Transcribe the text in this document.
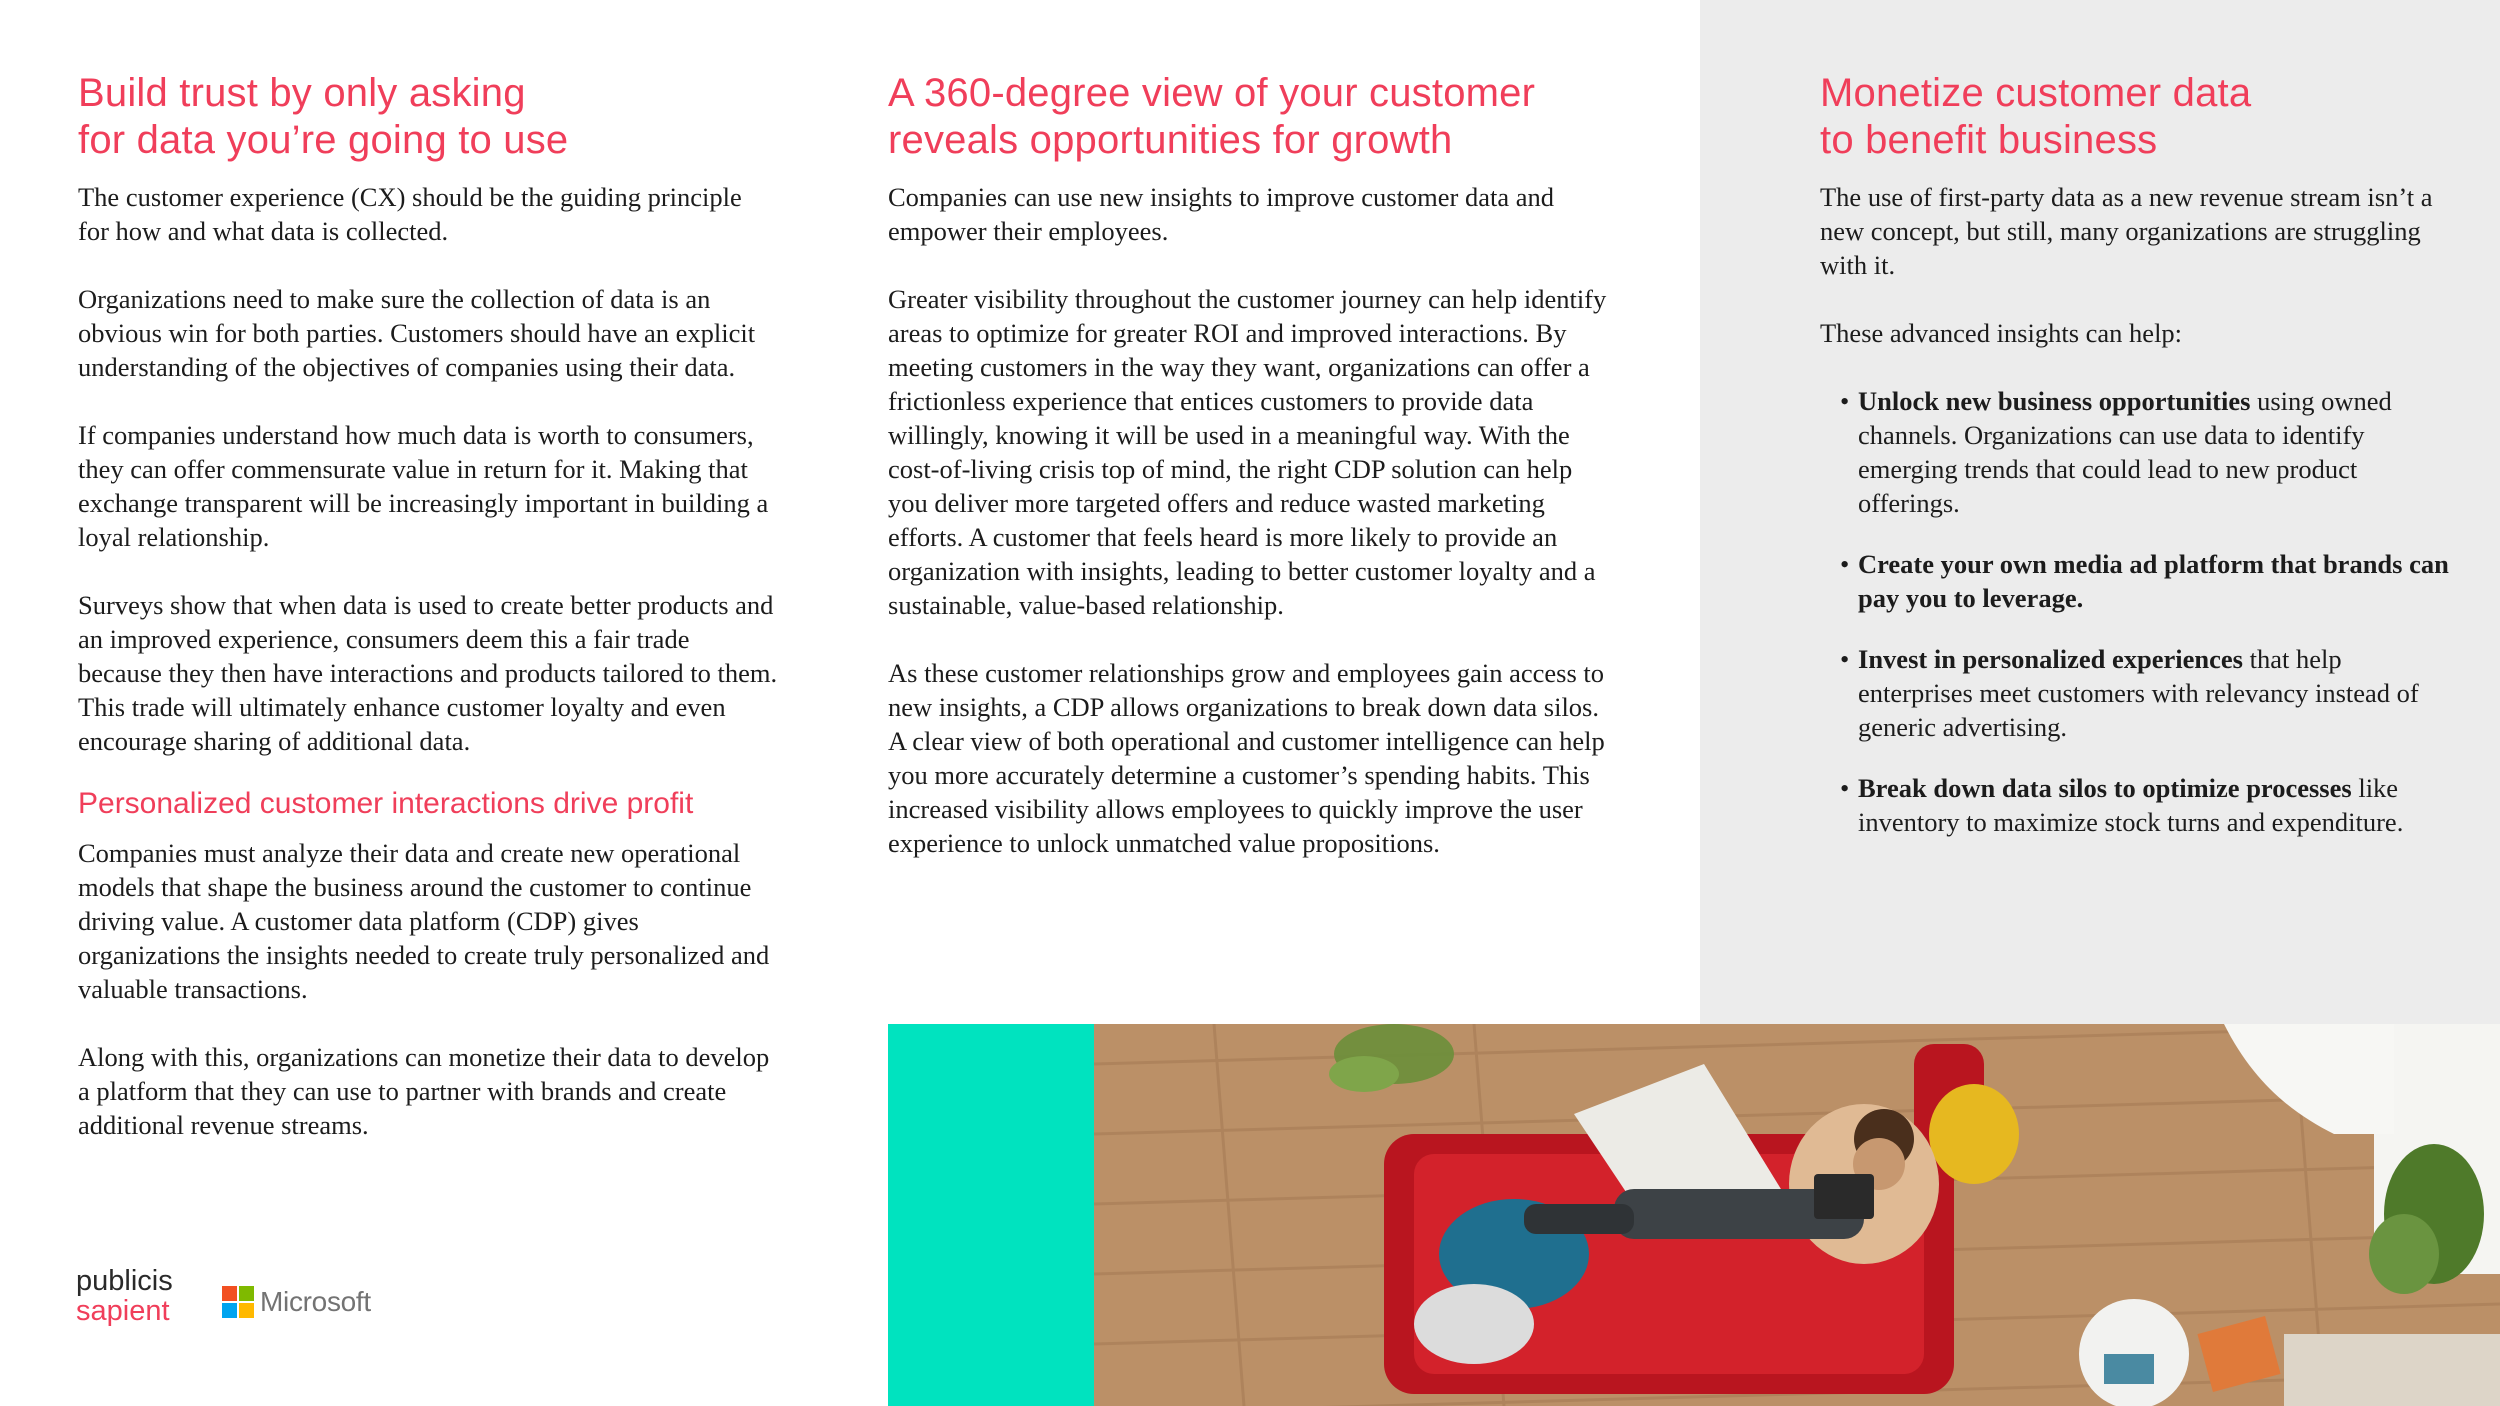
Build trust by only asking
for data you’re going to use

The customer experience (CX) should be the guiding principle for how and what data is collected.

Organizations need to make sure the collection of data is an obvious win for both parties. Customers should have an explicit understanding of the objectives of companies using their data.

If companies understand how much data is worth to consumers, they can offer commensurate value in return for it. Making that exchange transparent will be increasingly important in building a loyal relationship.

Surveys show that when data is used to create better products and an improved experience, consumers deem this a fair trade because they then have interactions and products tailored to them. This trade will ultimately enhance customer loyalty and even encourage sharing of additional data.

Personalized customer interactions drive profit

Companies must analyze their data and create new operational models that shape the business around the customer to continue driving value. A customer data platform (CDP) gives organizations the insights needed to create truly personalized and valuable transactions.

Along with this, organizations can monetize their data to develop a platform that they can use to partner with brands and create additional revenue streams.

A 360-degree view of your customer
reveals opportunities for growth

Companies can use new insights to improve customer data and empower their employees.

Greater visibility throughout the customer journey can help identify areas to optimize for greater ROI and improved interactions. By meeting customers in the way they want, organizations can offer a frictionless experience that entices customers to provide data willingly, knowing it will be used in a meaningful way. With the cost-of-living crisis top of mind, the right CDP solution can help you deliver more targeted offers and reduce wasted marketing efforts. A customer that feels heard is more likely to provide an organization with insights, leading to better customer loyalty and a sustainable, value-based relationship.

As these customer relationships grow and employees gain access to new insights, a CDP allows organizations to break down data silos. A clear view of both operational and customer intelligence can help you more accurately determine a customer’s spending habits. This increased visibility allows employees to quickly improve the user experience to unlock unmatched value propositions.

Monetize customer data
to benefit business

The use of first-party data as a new revenue stream isn’t a new concept, but still, many organizations are struggling with it.

These advanced insights can help:

• Unlock new business opportunities using owned channels. Organizations can use data to identify emerging trends that could lead to new product offerings.
• Create your own media ad platform that brands can pay you to leverage.
• Invest in personalized experiences that help enterprises meet customers with relevancy instead of generic advertising.
• Break down data silos to optimize processes like inventory to maximize stock turns and expenditure.
publicis
sapient	Microsoft
